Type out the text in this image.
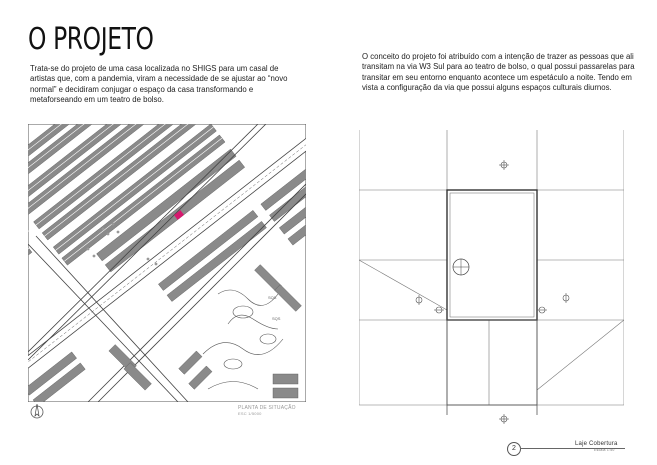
O PROJETO
Trata-se do projeto de uma casa localizada no SHIGS para um casal de artistas que, com a pandemia, viram a necessidade de se ajustar ao “novo normal” e decidiram conjugar o espaço da casa transformando e metaforseando em um teatro de bolso.
O conceito do projeto foi atribuído com a intenção de trazer as pessoas que ali transitam na via W3 Sul para ao teatro de bolso, o qual possui passarelas para transitar em seu entorno enquanto acontece um espetáculo a noite. Tendo em vista a configuração da via que possui alguns espaços culturais diurnos.
SQS
SQS
PLANTA DE SITUAÇÃO
ESC 1/5000
2
Laje Cobertura
Escala 1:50
